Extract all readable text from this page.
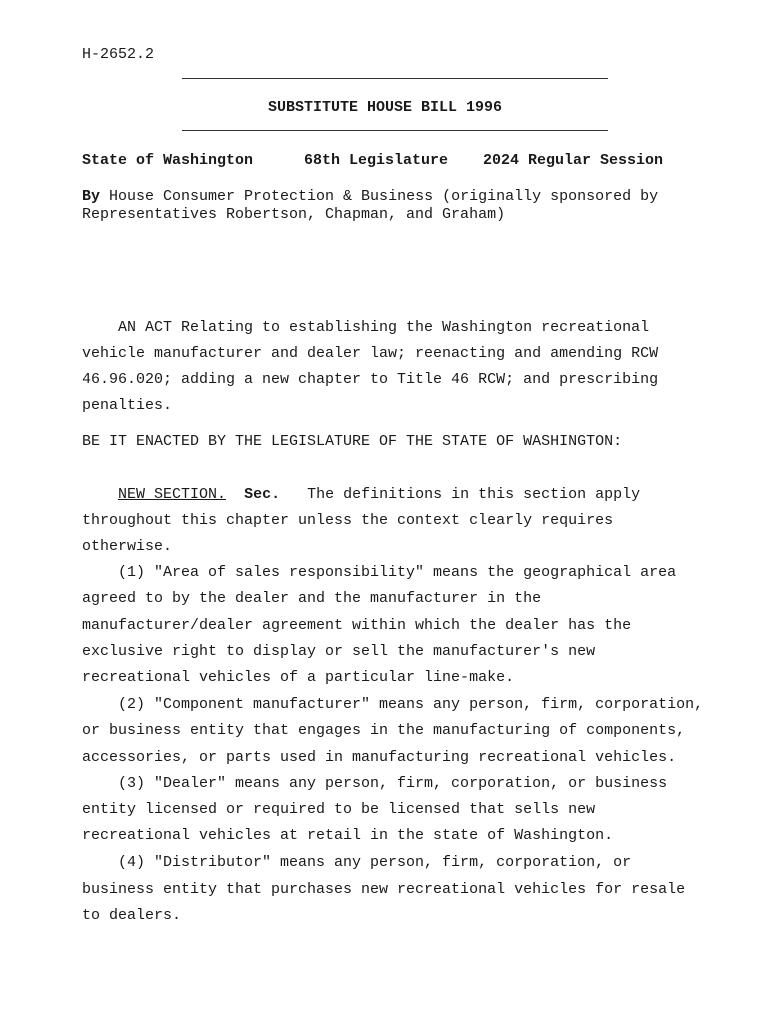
H-2652.2
SUBSTITUTE HOUSE BILL 1996
State of Washington	68th Legislature 2024 Regular Session
By House Consumer Protection & Business (originally sponsored by
Representatives Robertson, Chapman, and Graham)
AN ACT Relating to establishing the Washington recreational
vehicle manufacturer and dealer law; reenacting and amending RCW
46.96.020; adding a new chapter to Title 46 RCW; and prescribing
penalties.
BE IT ENACTED BY THE LEGISLATURE OF THE STATE OF WASHINGTON:
NEW SECTION. Sec. The definitions in this section apply
throughout this chapter unless the context clearly requires
otherwise.
(1) "Area of sales responsibility" means the geographical area
agreed to by the dealer and the manufacturer in the
manufacturer/dealer agreement within which the dealer has the
exclusive right to display or sell the manufacturer's new
recreational vehicles of a particular line-make.
(2) "Component manufacturer" means any person, firm, corporation,
or business entity that engages in the manufacturing of components,
accessories, or parts used in manufacturing recreational vehicles.
(3) "Dealer" means any person, firm, corporation, or business
entity licensed or required to be licensed that sells new
recreational vehicles at retail in the state of Washington.
(4) "Distributor" means any person, firm, corporation, or
business entity that purchases new recreational vehicles for resale
to dealers.
